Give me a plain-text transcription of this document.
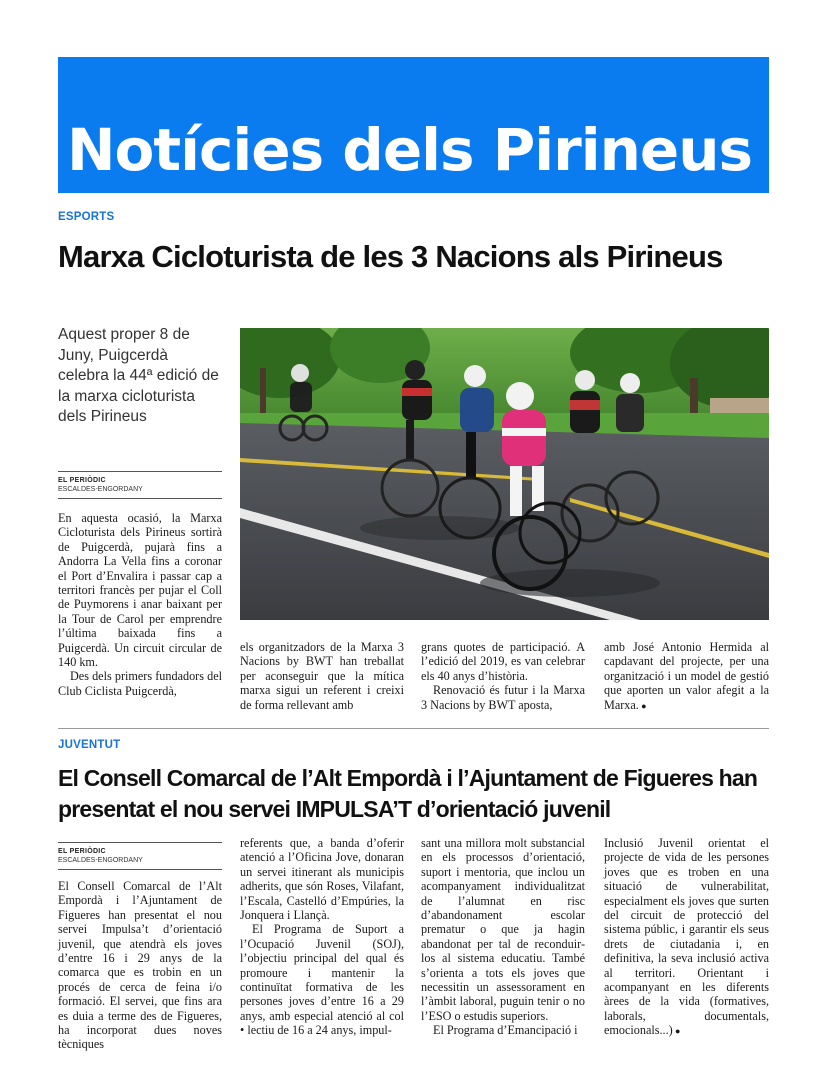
Notícies dels Pirineus
ESPORTS
Marxa Cicloturista de les 3 Nacions als Pirineus
Aquest proper 8 de Juny, Puigcerdà celebra la 44ª edició de la marxa cicloturista dels Pirineus
EL PERIÒDIC
ESCALDES-ENGORDANY

En aquesta ocasió, la Marxa Cicloturista dels Pirineus sortirà de Puigcerdà, pujarà fins a Andorra La Vella fins a coronar el Port d’Envalira i passar cap a territori francès per pujar el Coll de Puymorens i anar baixant per la Tour de Carol per emprendre l’última baixada fins a Puigcerdà. Un circuit circular de 140 km.

Des dels primers fundadors del Club Ciclista Puigcerdà,

els organitzadors de la Marxa 3 Nacions by BWT han treballat per aconseguir que la mítica marxa sigui un referent i creixi de forma rellevant amb

grans quotes de participació. A l’edició del 2019, es van celebrar els 40 anys d’història.

Renovació és futur i la Marxa 3 Nacions by BWT aposta,

amb José Antonio Hermida al capdavant del projecte, per una organització i un model de gestió que aporten un valor afegit a la Marxa. ●

JUVENTUT
El Consell Comarcal de l’Alt Empordà i l’Ajuntament de Figueres han presentat el nou servei IMPULSA’T d’orientació juvenil
EL PERIÒDIC
ESCALDES-ENGORDANY

El Consell Comarcal de l’Alt Empordà i l’Ajuntament de Figueres han presentat el nou servei Impulsa’t d’orientació juvenil, que atendrà els joves d’entre 16 i 29 anys de la comarca que es trobin en un procés de cerca de feina i/o formació. El servei, que fins ara es duia a terme des de Figueres, ha incorporat dues noves tècniques

referents que, a banda d’oferir atenció a l’Oficina Jove, donaran un servei itinerant als municipis adherits, que són Roses, Vilafant, l’Escala, Castelló d’Empúries, la Jonquera i Llançà.

El Programa de Suport a l’Ocupació Juvenil (SOJ), l’objectiu principal del qual és promoure i mantenir la continuïtat formativa de les persones joves d’entre 16 a 29 anys, amb especial atenció al col • lectiu de 16 a 24 anys, impul-

sant una millora molt substancial en els processos d’orientació, suport i mentoria, que inclou un acompanyament individualitzat de l’alumnat en risc d’abandonament escolar prematur o que ja hagin abandonat per tal de reconduir-los al sistema educatiu. També s’orienta a tots els joves que necessitin un assessorament en l’àmbit laboral, puguin tenir o no l’ESO o estudis superiors.

El Programa d’Emancipació i

Inclusió Juvenil orientat el projecte de vida de les persones joves que es troben en una situació de vulnerabilitat, especialment els joves que surten del circuit de protecció del sistema públic, i garantir els seus drets de ciutadania i, en definitiva, la seva inclusió activa al territori. Orientant i acompanyant en les diferents àrees de la vida (formatives, laborals, documentals, emocionals...) ●
